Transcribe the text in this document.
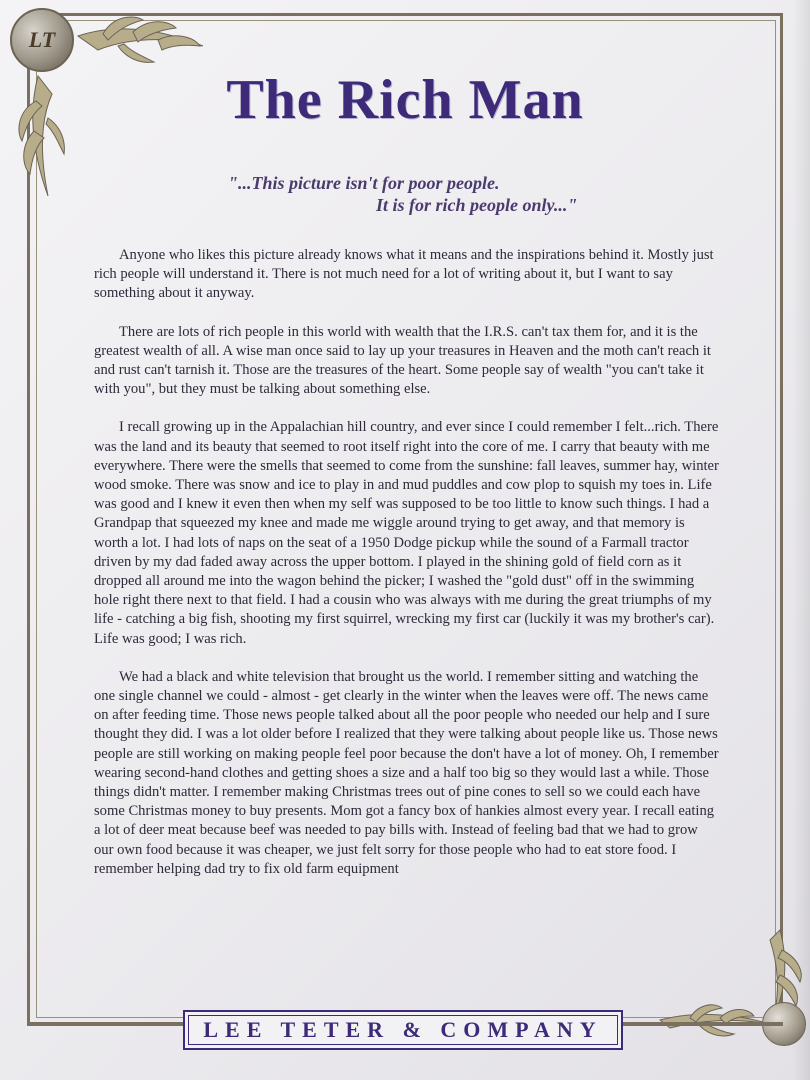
LT
The Rich Man
"...This picture isn't for poor people.
It is for rich people only..."

Anyone who likes this picture already knows what it means and the inspirations behind it. Mostly just rich people will understand it. There is not much need for a lot of writing about it, but I want to say something about it anyway.

There are lots of rich people in this world with wealth that the I.R.S. can't tax them for, and it is the greatest wealth of all. A wise man once said to lay up your treasures in Heaven and the moth can't reach it and rust can't tarnish it. Those are the treasures of the heart. Some people say of wealth "you can't take it with you", but they must be talking about something else.

I recall growing up in the Appalachian hill country, and ever since I could remember I felt...rich. There was the land and its beauty that seemed to root itself right into the core of me. I carry that beauty with me everywhere. There were the smells that seemed to come from the sunshine: fall leaves, summer hay, winter wood smoke. There was snow and ice to play in and mud puddles and cow plop to squish my toes in. Life was good and I knew it even then when my self was supposed to be too little to know such things. I had a Grandpap that squeezed my knee and made me wiggle around trying to get away, and that memory is worth a lot. I had lots of naps on the seat of a 1950 Dodge pickup while the sound of a Farmall tractor driven by my dad faded away across the upper bottom. I played in the shining gold of field corn as it dropped all around me into the wagon behind the picker; I washed the "gold dust" off in the swimming hole right there next to that field. I had a cousin who was always with me during the great triumphs of my life - catching a big fish, shooting my first squirrel, wrecking my first car (luckily it was my brother's car). Life was good; I was rich.

We had a black and white television that brought us the world. I remember sitting and watching the one single channel we could - almost - get clearly in the winter when the leaves were off. The news came on after feeding time. Those news people talked about all the poor people who needed our help and I sure thought they did. I was a lot older before I realized that they were talking about people like us. Those news people are still working on making people feel poor because the don't have a lot of money. Oh, I remember wearing second-hand clothes and getting shoes a size and a half too big so they would last a while. Those things didn't matter. I remember making Christmas trees out of pine cones to sell so we could each have some Christmas money to buy presents. Mom got a fancy box of hankies almost every year. I recall eating a lot of deer meat because beef was needed to pay bills with. Instead of feeling bad that we had to grow our own food because it was cheaper, we just felt sorry for those people who had to eat store food. I remember helping dad try to fix old farm equipment

LEE TETER & COMPANY
